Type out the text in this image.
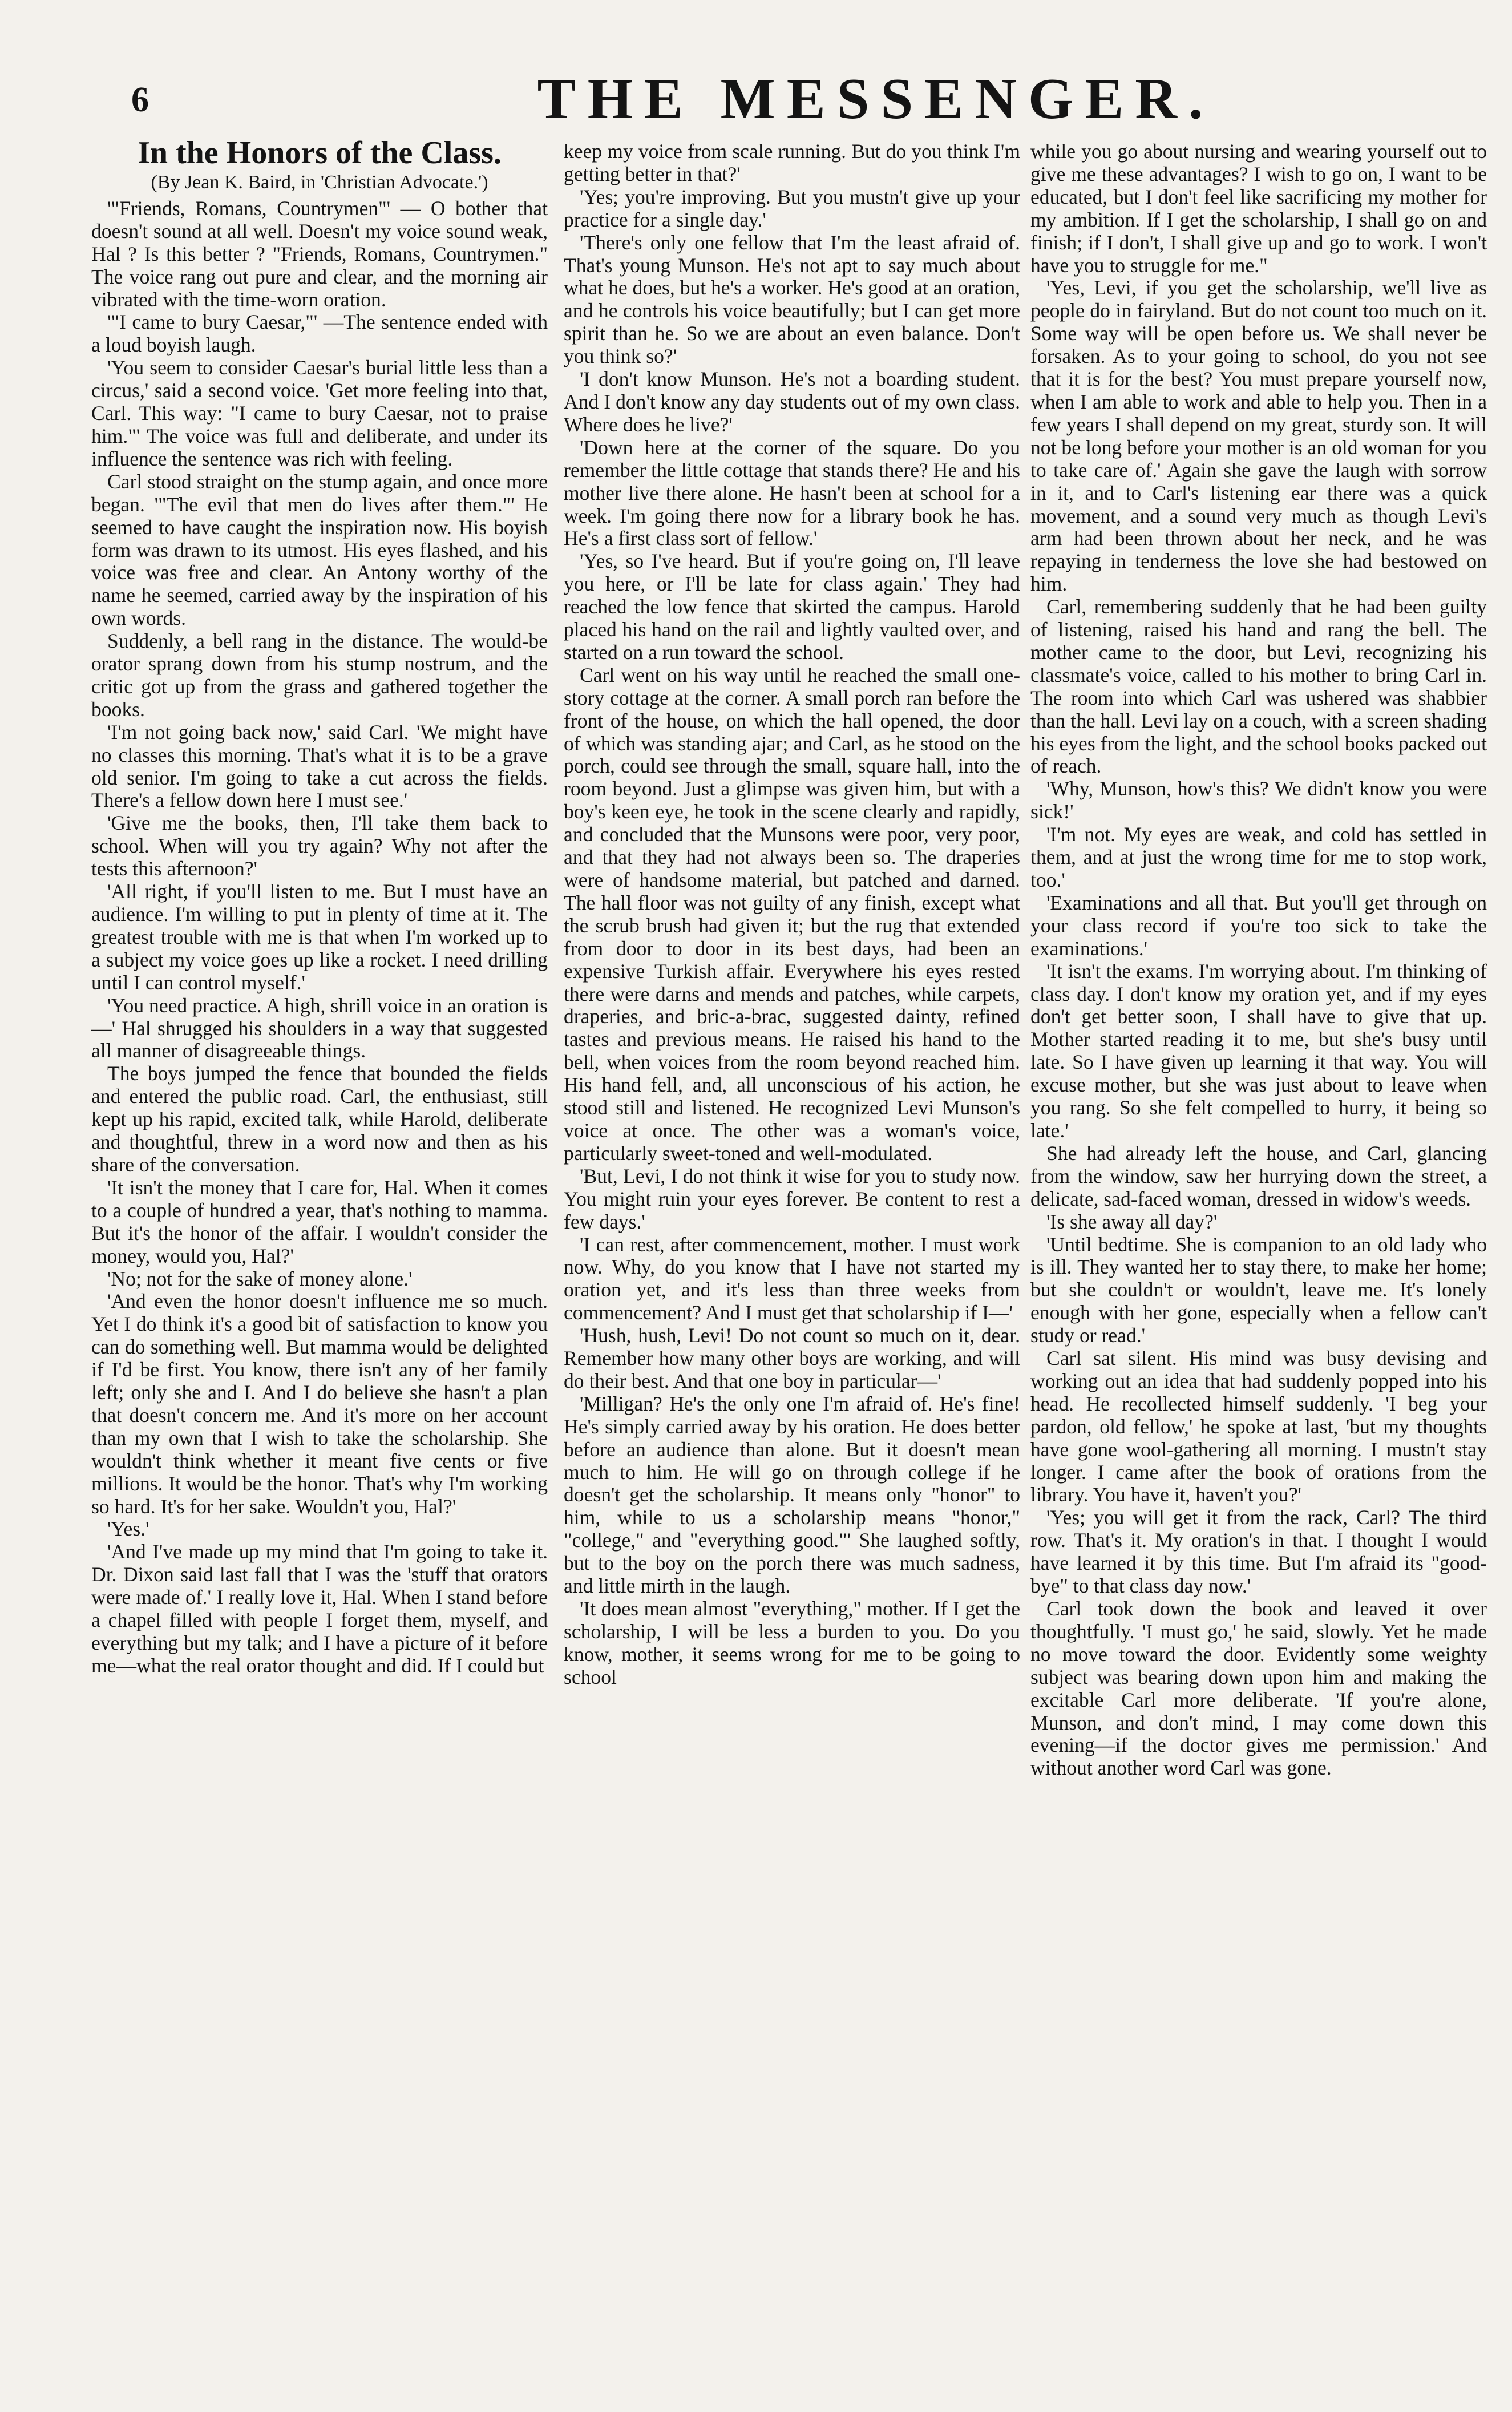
6	THE MESSENGER.

In the Honors of the Class.

(By Jean K. Baird, in 'Christian Advocate.')

'"Friends, Romans, Countrymen"' — O bother that doesn't sound at all well. Doesn't my voice sound weak, Hal ? Is this better ? "Friends, Romans, Countrymen." The voice rang out pure and clear, and the morning air vibrated with the time-worn oration.

'"I came to bury Caesar,"' —The sentence ended with a loud boyish laugh.

'You seem to consider Caesar's burial little less than a circus,' said a second voice. 'Get more feeling into that, Carl. This way: "I came to bury Caesar, not to praise him."' The voice was full and deliberate, and under its influence the sentence was rich with feeling.

Carl stood straight on the stump again, and once more began. '"The evil that men do lives after them."' He seemed to have caught the inspiration now. His boyish form was drawn to its utmost. His eyes flashed, and his voice was free and clear. An Antony worthy of the name he seemed, carried away by the inspiration of his own words.

Suddenly, a bell rang in the distance. The would-be orator sprang down from his stump nostrum, and the critic got up from the grass and gathered together the books.

'I'm not going back now,' said Carl. 'We might have no classes this morning. That's what it is to be a grave old senior. I'm going to take a cut across the fields. There's a fellow down here I must see.'

'Give me the books, then, I'll take them back to school. When will you try again? Why not after the tests this afternoon?'

'All right, if you'll listen to me. But I must have an audience. I'm willing to put in plenty of time at it. The greatest trouble with me is that when I'm worked up to a subject my voice goes up like a rocket. I need drilling until I can control myself.'

'You need practice. A high, shrill voice in an oration is—' Hal shrugged his shoulders in a way that suggested all manner of disagreeable things.

The boys jumped the fence that bounded the fields and entered the public road. Carl, the enthusiast, still kept up his rapid, excited talk, while Harold, deliberate and thoughtful, threw in a word now and then as his share of the conversation.

'It isn't the money that I care for, Hal. When it comes to a couple of hundred a year, that's nothing to mamma. But it's the honor of the affair. I wouldn't consider the money, would you, Hal?'

'No; not for the sake of money alone.'

'And even the honor doesn't influence me so much. Yet I do think it's a good bit of satisfaction to know you can do something well. But mamma would be delighted if I'd be first. You know, there isn't any of her family left; only she and I. And I do believe she hasn't a plan that doesn't concern me. And it's more on her account than my own that I wish to take the scholarship. She wouldn't think whether it meant five cents or five millions. It would be the honor. That's why I'm working so hard. It's for her sake. Wouldn't you, Hal?'

'Yes.'

'And I've made up my mind that I'm going to take it. Dr. Dixon said last fall that I was the 'stuff that orators were made of.' I really love it, Hal. When I stand before a chapel filled with people I forget them, myself, and everything but my talk; and I have a picture of it before me—what the real orator thought and did. If I could but

keep my voice from scale running. But do you think I'm getting better in that?'

'Yes; you're improving. But you mustn't give up your practice for a single day.'

'There's only one fellow that I'm the least afraid of. That's young Munson. He's not apt to say much about what he does, but he's a worker. He's good at an oration, and he controls his voice beautifully; but I can get more spirit than he. So we are about an even balance. Don't you think so?'

'I don't know Munson. He's not a boarding student. And I don't know any day students out of my own class. Where does he live?'

'Down here at the corner of the square. Do you remember the little cottage that stands there? He and his mother live there alone. He hasn't been at school for a week. I'm going there now for a library book he has. He's a first class sort of fellow.'

'Yes, so I've heard. But if you're going on, I'll leave you here, or I'll be late for class again.' They had reached the low fence that skirted the campus. Harold placed his hand on the rail and lightly vaulted over, and started on a run toward the school.

Carl went on his way until he reached the small one-story cottage at the corner. A small porch ran before the front of the house, on which the hall opened, the door of which was standing ajar; and Carl, as he stood on the porch, could see through the small, square hall, into the room beyond. Just a glimpse was given him, but with a boy's keen eye, he took in the scene clearly and rapidly, and concluded that the Munsons were poor, very poor, and that they had not always been so. The draperies were of handsome material, but patched and darned. The hall floor was not guilty of any finish, except what the scrub brush had given it; but the rug that extended from door to door in its best days, had been an expensive Turkish affair. Everywhere his eyes rested there were darns and mends and patches, while carpets, draperies, and bric-a-brac, suggested dainty, refined tastes and previous means. He raised his hand to the bell, when voices from the room beyond reached him. His hand fell, and, all unconscious of his action, he stood still and listened. He recognized Levi Munson's voice at once. The other was a woman's voice, particularly sweet-toned and well-modulated.

'But, Levi, I do not think it wise for you to study now. You might ruin your eyes forever. Be content to rest a few days.'

'I can rest, after commencement, mother. I must work now. Why, do you know that I have not started my oration yet, and it's less than three weeks from commencement? And I must get that scholarship if I—'

'Hush, hush, Levi! Do not count so much on it, dear. Remember how many other boys are working, and will do their best. And that one boy in particular—'

'Milligan? He's the only one I'm afraid of. He's fine! He's simply carried away by his oration. He does better before an audience than alone. But it doesn't mean much to him. He will go on through college if he doesn't get the scholarship. It means only "honor" to him, while to us a scholarship means "honor," "college," and "everything good."' She laughed softly, but to the boy on the porch there was much sadness, and little mirth in the laugh.

'It does mean almost "everything," mother. If I get the scholarship, I will be less a burden to you. Do you know, mother, it seems wrong for me to be going to school

while you go about nursing and wearing yourself out to give me these advantages? I wish to go on, I want to be educated, but I don't feel like sacrificing my mother for my ambition. If I get the scholarship, I shall go on and finish; if I don't, I shall give up and go to work. I won't have you to struggle for me."

'Yes, Levi, if you get the scholarship, we'll live as people do in fairyland. But do not count too much on it. Some way will be open before us. We shall never be forsaken. As to your going to school, do you not see that it is for the best? You must prepare yourself now, when I am able to work and able to help you. Then in a few years I shall depend on my great, sturdy son. It will not be long before your mother is an old woman for you to take care of.' Again she gave the laugh with sorrow in it, and to Carl's listening ear there was a quick movement, and a sound very much as though Levi's arm had been thrown about her neck, and he was repaying in tenderness the love she had bestowed on him.

Carl, remembering suddenly that he had been guilty of listening, raised his hand and rang the bell. The mother came to the door, but Levi, recognizing his classmate's voice, called to his mother to bring Carl in. The room into which Carl was ushered was shabbier than the hall. Levi lay on a couch, with a screen shading his eyes from the light, and the school books packed out of reach.

'Why, Munson, how's this? We didn't know you were sick!'

'I'm not. My eyes are weak, and cold has settled in them, and at just the wrong time for me to stop work, too.'

'Examinations and all that. But you'll get through on your class record if you're too sick to take the examinations.'

'It isn't the exams. I'm worrying about. I'm thinking of class day. I don't know my oration yet, and if my eyes don't get better soon, I shall have to give that up. Mother started reading it to me, but she's busy until late. So I have given up learning it that way. You will excuse mother, but she was just about to leave when you rang. So she felt compelled to hurry, it being so late.'

She had already left the house, and Carl, glancing from the window, saw her hurrying down the street, a delicate, sad-faced woman, dressed in widow's weeds.

'Is she away all day?'

'Until bedtime. She is companion to an old lady who is ill. They wanted her to stay there, to make her home; but she couldn't or wouldn't, leave me. It's lonely enough with her gone, especially when a fellow can't study or read.'

Carl sat silent. His mind was busy devising and working out an idea that had suddenly popped into his head. He recollected himself suddenly. 'I beg your pardon, old fellow,' he spoke at last, 'but my thoughts have gone wool-gathering all morning. I mustn't stay longer. I came after the book of orations from the library. You have it, haven't you?'

'Yes; you will get it from the rack, Carl? The third row. That's it. My oration's in that. I thought I would have learned it by this time. But I'm afraid its "good-bye" to that class day now.'

Carl took down the book and leaved it over thoughtfully. 'I must go,' he said, slowly. Yet he made no move toward the door. Evidently some weighty subject was bearing down upon him and making the excitable Carl more deliberate. 'If you're alone, Munson, and don't mind, I may come down this evening—if the doctor gives me permission.' And without another word Carl was gone.
